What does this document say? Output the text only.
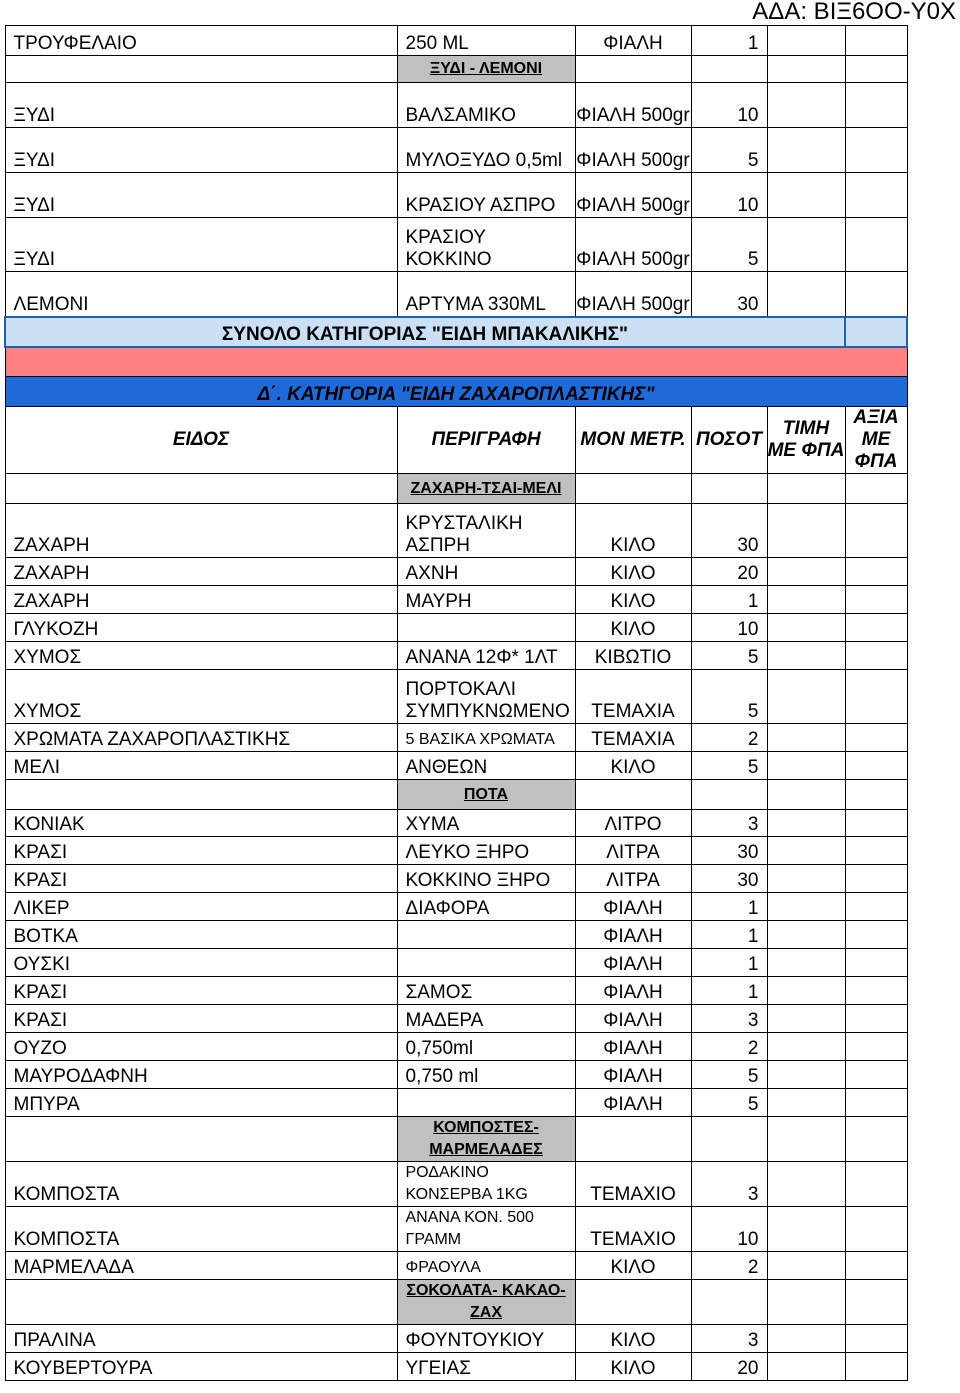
ΑΔΑ: ΒΙΞ6ΟΟ-Υ0Χ
ΤΡΟΥΦΕΛΑΙΟ	250 ML	ΦΙΑΛΗ	1		
	ΞΥΔΙ - ΛΕΜΟΝΙ				
ΞΥΔΙ	ΒΑΛΣΑΜΙΚΟ	ΦΙΑΛΗ 500gr	10		
ΞΥΔΙ	ΜΥΛΟΞΥΔΟ 0,5ml	ΦΙΑΛΗ 500gr	5		
ΞΥΔΙ	ΚΡΑΣΙΟΥ ΑΣΠΡΟ	ΦΙΑΛΗ 500gr	10		
ΞΥΔΙ	ΚΡΑΣΙΟΥ ΚΟΚΚΙΝΟ	ΦΙΑΛΗ 500gr	5		
ΛΕΜΟΝΙ	ΑΡΤΥΜΑ 330ML	ΦΙΑΛΗ 500gr	30		
ΣΥΝΟΛΟ ΚΑΤΗΓΟΡΙΑΣ "ΕΙΔΗ ΜΠΑΚΑΛΙΚΗΣ"					

Δ΄. ΚΑΤΗΓΟΡΙΑ "ΕΙΔΗ ΖΑΧΑΡΟΠΛΑΣΤΙΚΗΣ"					
ΕΙΔΟΣ	ΠΕΡΙΓΡΑΦΗ	ΜΟΝ ΜΕΤΡ.	ΠΟΣΟΤ	ΤΙΜΗ ΜΕ ΦΠΑ	ΑΞΙΑ ΜΕ ΦΠΑ
	ΖΑΧΑΡΗ-ΤΣΑΙ-ΜΕΛΙ				
ΖΑΧΑΡΗ	ΚΡΥΣΤΑΛΙΚΗ ΑΣΠΡΗ	ΚΙΛΟ	30		
ΖΑΧΑΡΗ	ΑΧΝΗ	ΚΙΛΟ	20		
ΖΑΧΑΡΗ	ΜΑΥΡΗ	ΚΙΛΟ	1		
ΓΛΥΚΟΖΗ		ΚΙΛΟ	10		
ΧΥΜΟΣ	ΑΝΑΝΑ 12Φ* 1ΛΤ	ΚΙΒΩΤΙΟ	5		
ΧΥΜΟΣ	ΠΟΡΤΟΚΑΛΙ ΣΥΜΠΥΚΝΩΜΕΝΟ	ΤΕΜΑΧΙΑ	5		
ΧΡΩΜΑΤΑ ΖΑΧΑΡΟΠΛΑΣΤΙΚΗΣ	5 ΒΑΣΙΚΑ ΧΡΩΜΑΤΑ	ΤΕΜΑΧΙΑ	2		
ΜΕΛΙ	ΑΝΘΕΩΝ	ΚΙΛΟ	5		
	ΠΟΤΑ				
ΚΟΝΙΑΚ	ΧΥΜΑ	ΛΙΤΡΟ	3		
ΚΡΑΣΙ	ΛΕΥΚΟ ΞΗΡΟ	ΛΙΤΡΑ	30		
ΚΡΑΣΙ	ΚΟΚΚΙΝΟ ΞΗΡΟ	ΛΙΤΡΑ	30		
ΛΙΚΕΡ	ΔΙΑΦΟΡΑ	ΦΙΑΛΗ	1		
ΒΟΤΚΑ		ΦΙΑΛΗ	1		
ΟΥΣΚΙ		ΦΙΑΛΗ	1		
ΚΡΑΣΙ	ΣΑΜΟΣ	ΦΙΑΛΗ	1		
ΚΡΑΣΙ	ΜΑΔΕΡΑ	ΦΙΑΛΗ	3		
ΟΥΖΟ	0,750ml	ΦΙΑΛΗ	2		
ΜΑΥΡΟΔΑΦΝΗ	0,750 ml	ΦΙΑΛΗ	5		
ΜΠΥΡΑ		ΦΙΑΛΗ	5		
	ΚΟΜΠΟΣΤΕΣ-ΜΑΡΜΕΛΑΔΕΣ				
ΚΟΜΠΟΣΤΑ	ΡΟΔΑΚΙΝΟ ΚΟΝΣΕΡΒΑ 1KG	ΤΕΜΑΧΙΟ	3		
ΚΟΜΠΟΣΤΑ	ΑΝΑΝΑ ΚΟΝ. 500 ΓΡΑΜΜ	ΤΕΜΑΧΙΟ	10		
ΜΑΡΜΕΛΑΔΑ	ΦΡΑΟΥΛΑ	ΚΙΛΟ	2		
	ΣΟΚΟΛΑΤΑ- ΚΑΚΑΟ-ΖΑΧ				
ΠΡΑΛΙΝΑ	ΦΟΥΝΤΟΥΚΙΟΥ	ΚΙΛΟ	3		
ΚΟΥΒΕΡΤΟΥΡΑ	ΥΓΕΙΑΣ	ΚΙΛΟ	20		
